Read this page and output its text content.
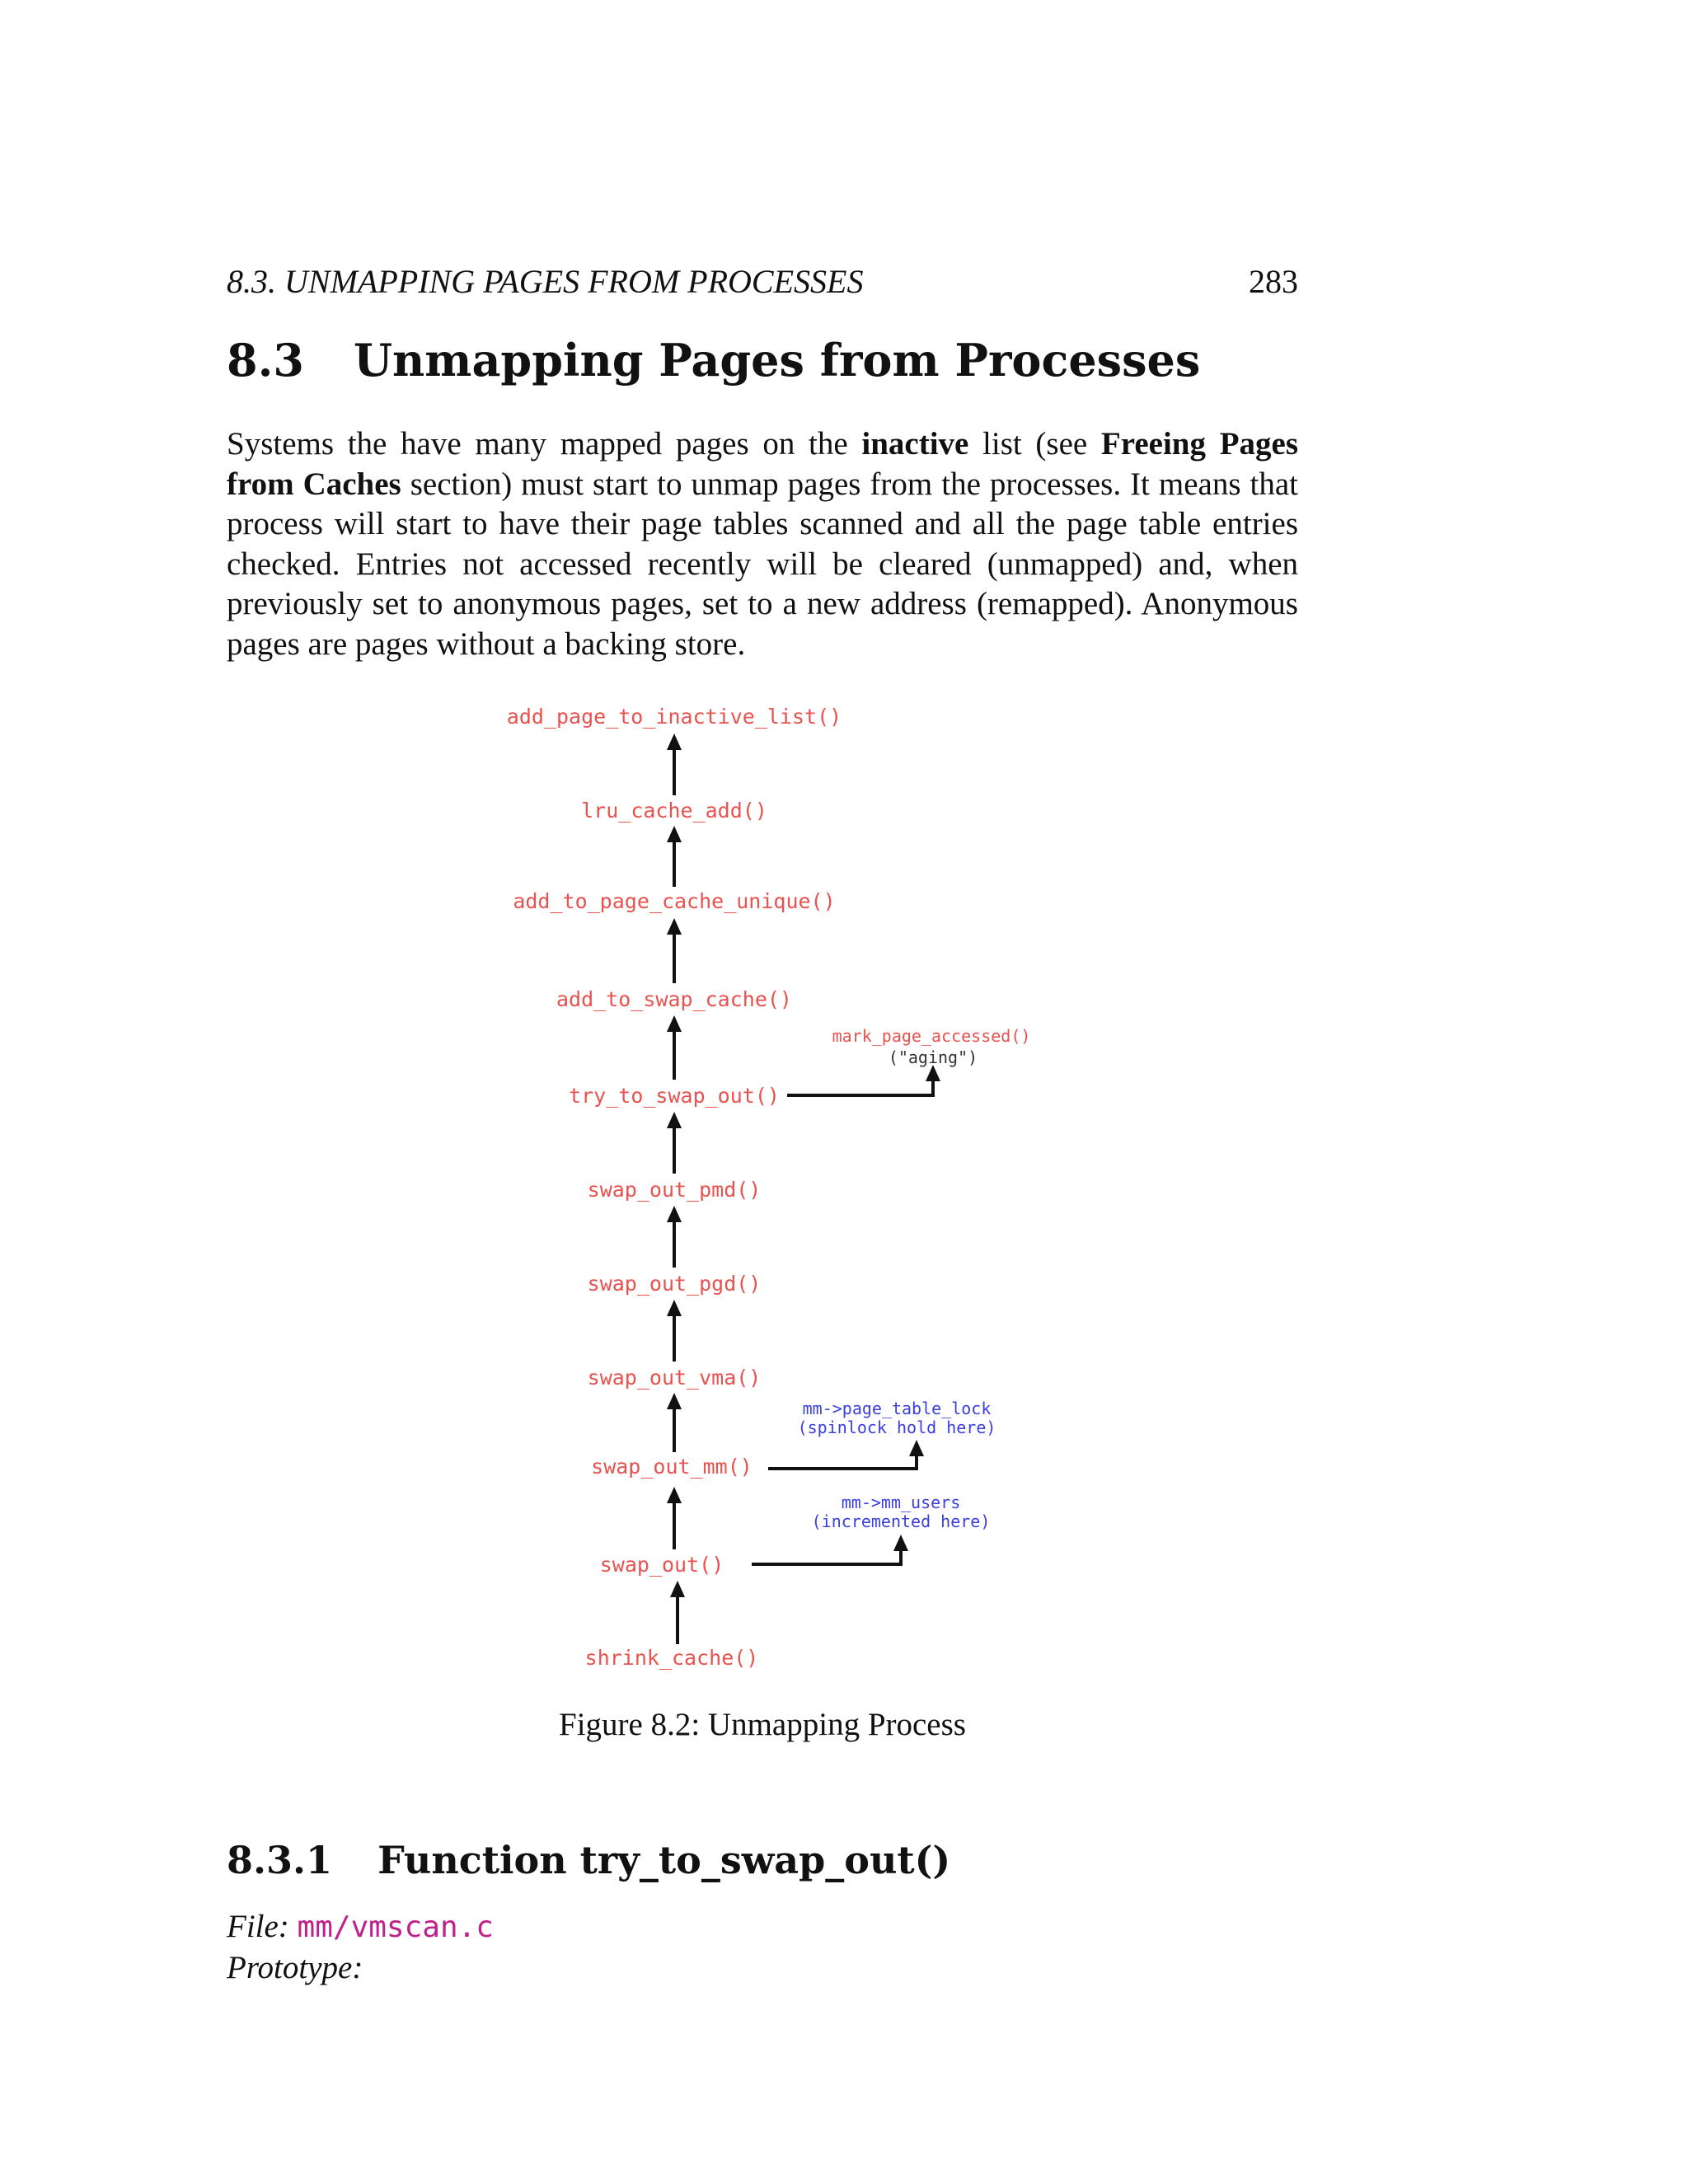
8.3. UNMAPPING PAGES FROM PROCESSES	283
8.3 Unmapping Pages from Processes
Systems the have many mapped pages on the inactive list (see Freeing Pages from Caches section) must start to unmap pages from the processes. It means that process will start to have their page tables scanned and all the page table entries checked. Entries not accessed recently will be cleared (unmapped) and, when previously set to anonymous pages, set to a new address (remapped). Anonymous pages are pages without a backing store.
add_page_to_inactive_list()
lru_cache_add()
add_to_page_cache_unique()
add_to_swap_cache()
try_to_swap_out()
swap_out_pmd()
swap_out_pgd()
swap_out_vma()
swap_out_mm()
swap_out()
shrink_cache()
mark_page_accessed()
("aging")
mm->page_table_lock
(spinlock hold here)
mm->mm_users
(incremented here)
Figure 8.2: Unmapping Process
8.3.1 Function try_to_swap_out()
File: mm/vmscan.c
Prototype:
